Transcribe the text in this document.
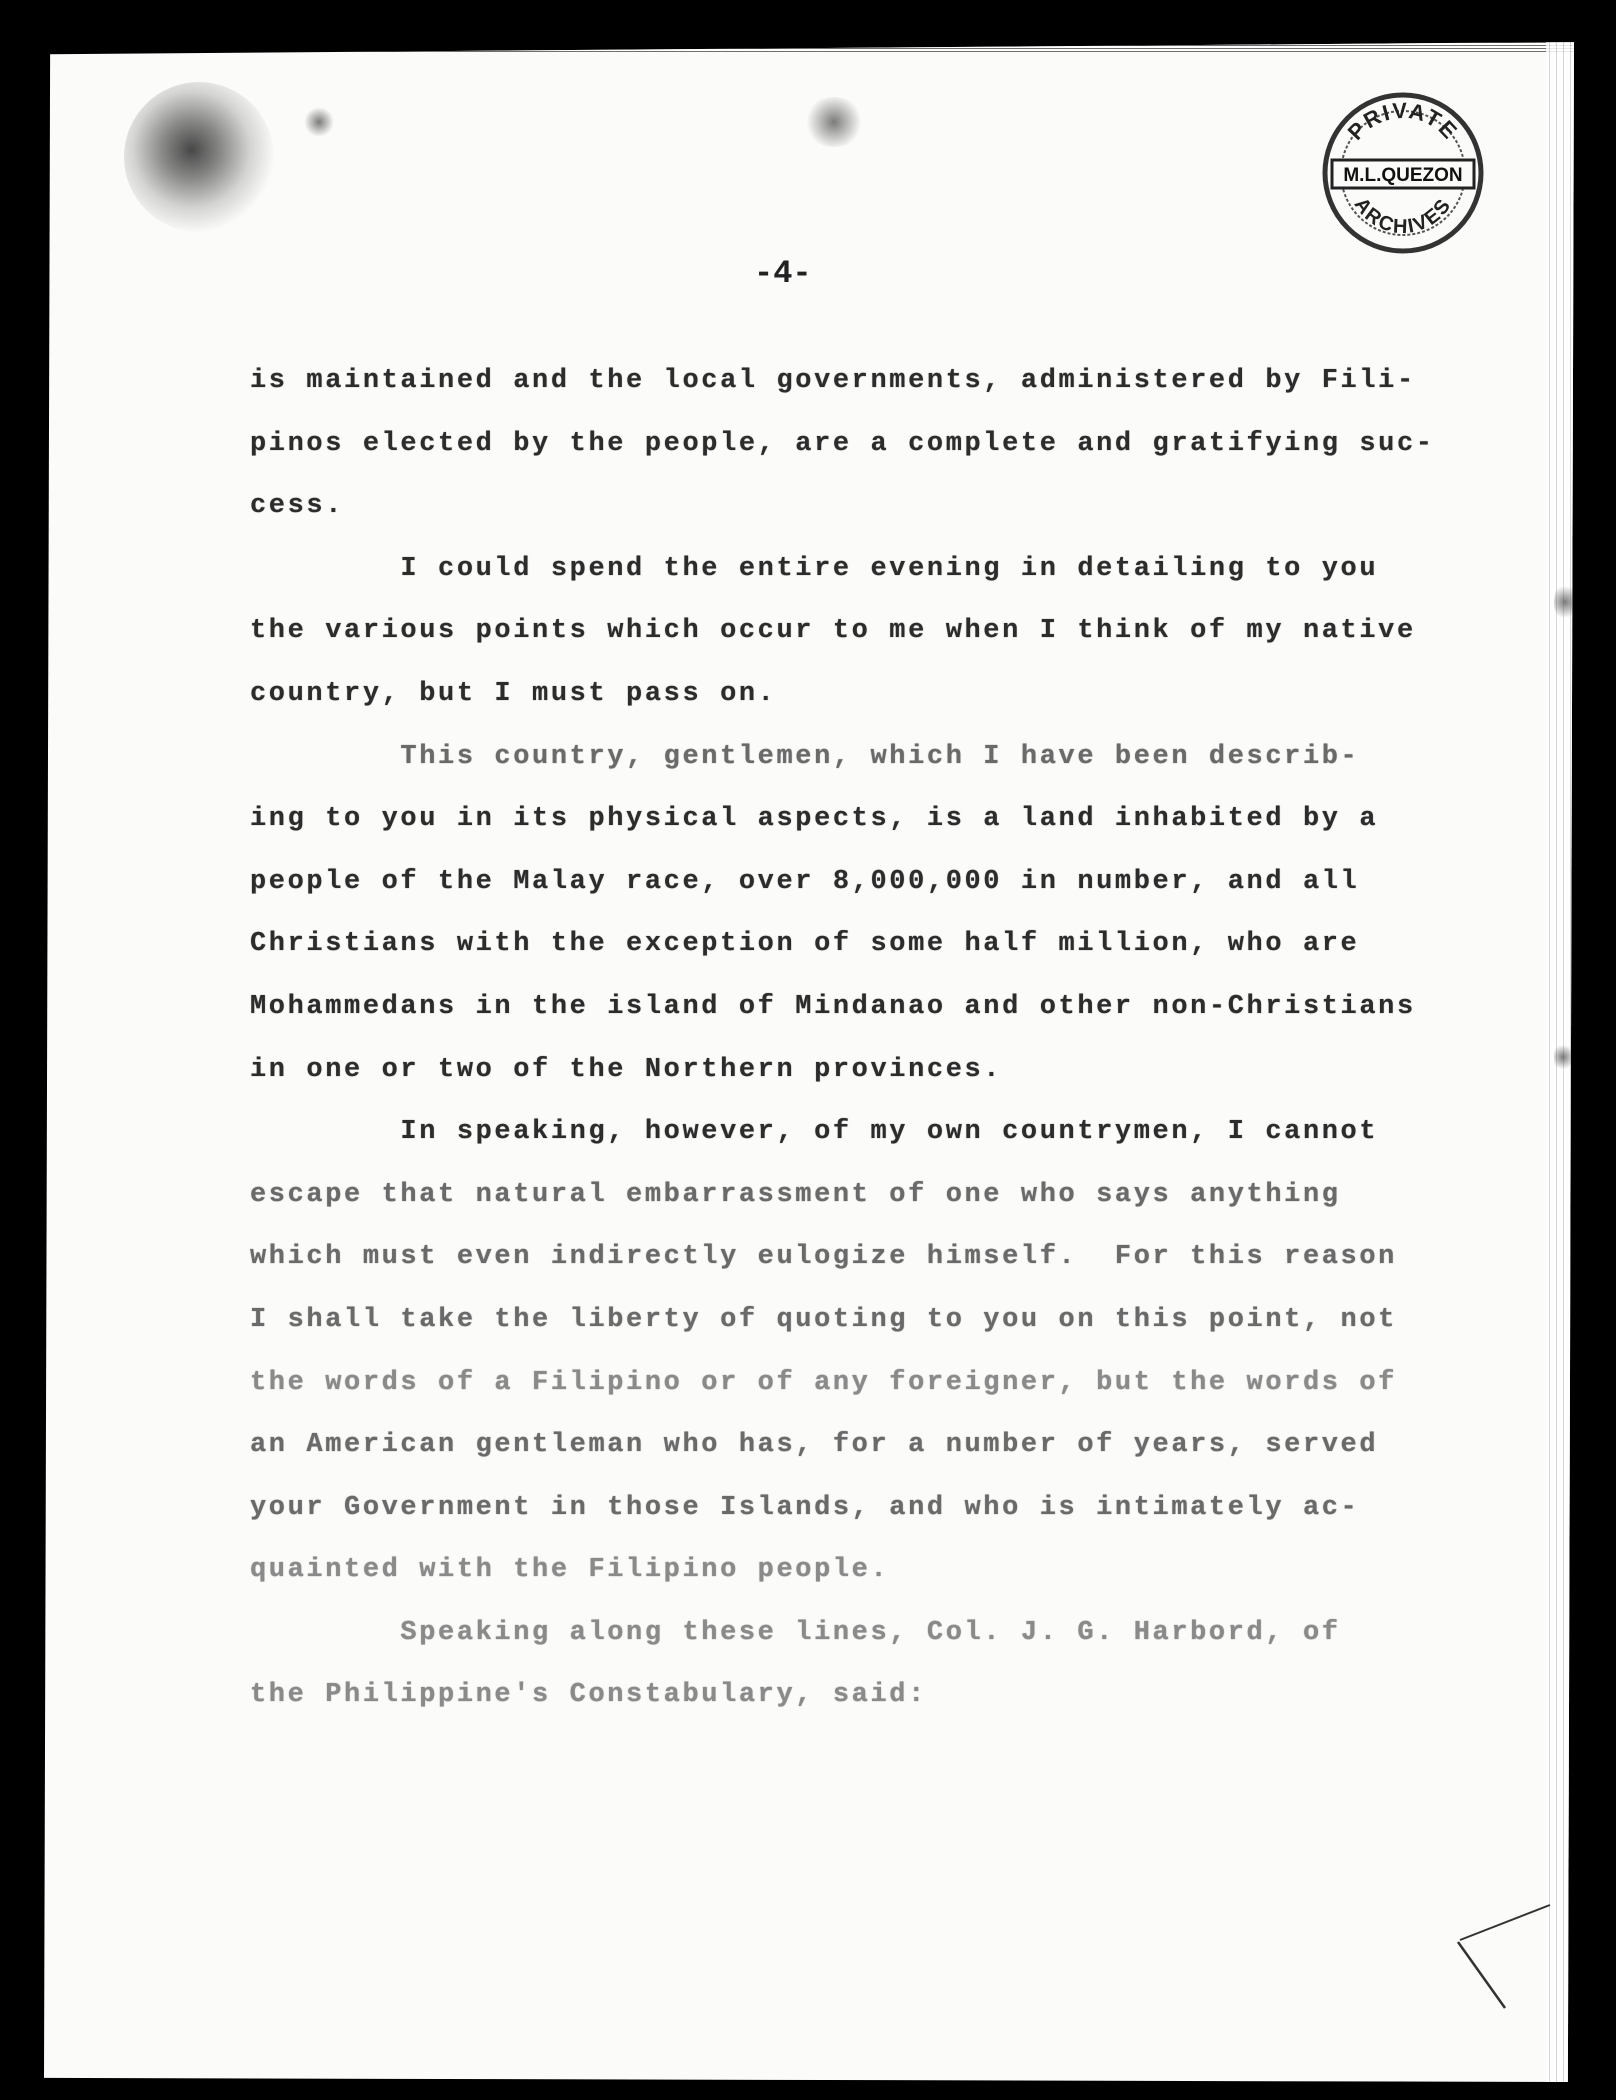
PRIVATE
M.L.QUEZON
ARCHIVES
-4-
is maintained and the local governments, administered by Fili-
pinos elected by the people, are a complete and gratifying suc-
cess.
I could spend the entire evening in detailing to you
the various points which occur to me when I think of my native
country, but I must pass on.
This country, gentlemen, which I have been describ-
ing to you in its physical aspects, is a land inhabited by a
people of the Malay race, over 8,000,000 in number, and all
Christians with the exception of some half million, who are
Mohammedans in the island of Mindanao and other non-Christians
in one or two of the Northern provinces.
In speaking, however, of my own countrymen, I cannot
escape that natural embarrassment of one who says anything
which must even indirectly eulogize himself.  For this reason
I shall take the liberty of quoting to you on this point, not
the words of a Filipino or of any foreigner, but the words of
an American gentleman who has, for a number of years, served
your Government in those Islands, and who is intimately ac-
quainted with the Filipino people.
Speaking along these lines, Col. J. G. Harbord, of
the Philippine's Constabulary, said:
